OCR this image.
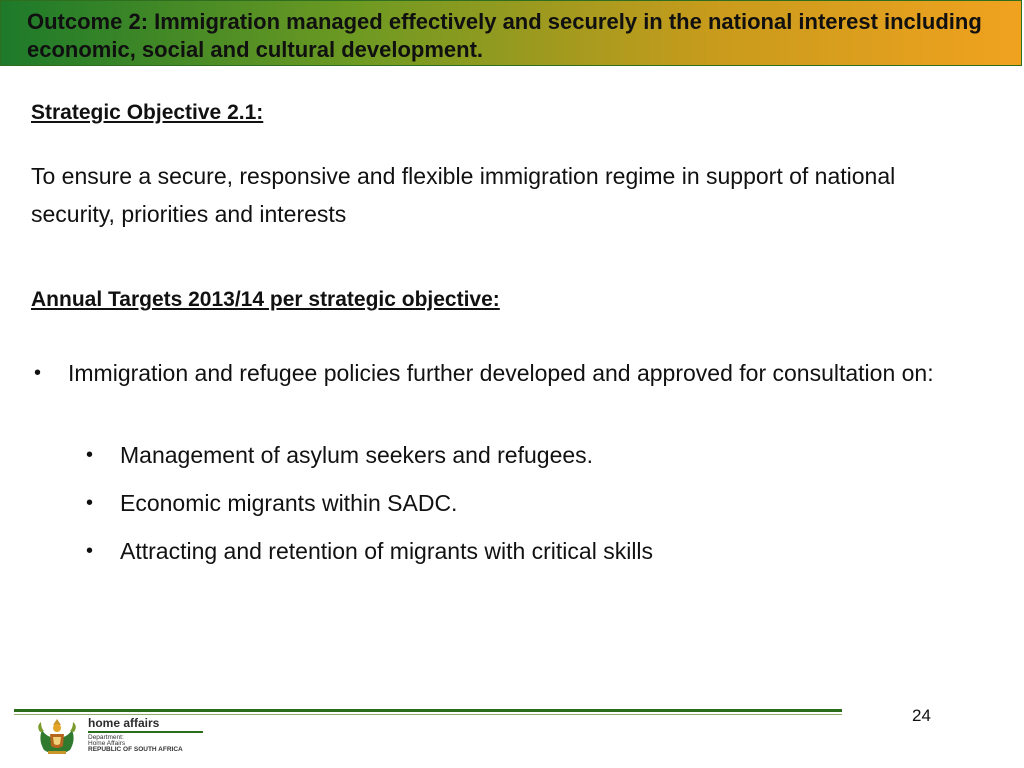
Outcome 2: Immigration managed effectively and securely in the national interest including economic, social and cultural development.
Strategic Objective 2.1:

To ensure a secure, responsive and flexible immigration regime in support of national security, priorities and interests

Annual Targets 2013/14 per strategic objective:
• Immigration and refugee policies further developed and approved for consultation on:
• Management of asylum seekers and refugees.
• Economic migrants within SADC.
• Attracting and retention of migrants with critical skills
home affairs
Department:
Home Affairs
REPUBLIC OF SOUTH AFRICA
24
